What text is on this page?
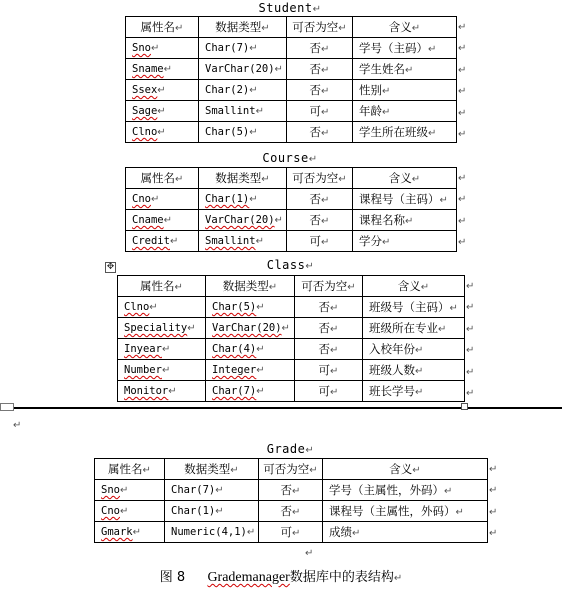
Student↵
属性名↵	数据类型↵	可否为空↵	含义↵
Sno↵	Char(7)↵	否↵	学号（主码）↵
Sname↵	VarChar(20)↵	否↵	学生姓名↵
Ssex↵	Char(2)↵	否↵	性别↵
Sage↵	Smallint↵	可↵	年龄↵
Clno↵	Char(5)↵	否↵	学生所在班级↵
Course↵
属性名↵	数据类型↵	可否为空↵	含义↵
Cno↵	Char(1)↵	否↵	课程号（主码）↵
Cname↵	VarChar(20)↵	否↵	课程名称↵
Credit↵	Smallint↵	可↵	学分↵
✥	Class↵
属性名↵	数据类型↵	可否为空↵	含义↵
Clno↵	Char(5)↵	否↵	班级号（主码）↵
Speciality↵	VarChar(20)↵	否↵	班级所在专业↵
Inyear↵	Char(4)↵	否↵	入校年份↵
Number↵	Integer↵	可↵	班级人数↵
Monitor↵	Char(7)↵	可↵	班长学号↵
↵
Grade↵
属性名↵	数据类型↵	可否为空↵	含义↵
Sno↵	Char(7)↵	否↵	学号（主属性，外码）↵
Cno↵	Char(1)↵	否↵	课程号（主属性，外码）↵
Gmark↵	Numeric(4,1)↵	可↵	成绩↵
↵
图 8 Grademanager数据库中的表结构↵
↵
↵
↵
↵
↵
↵
↵
↵
↵
↵
↵
↵
↵
↵
↵
↵
↵
↵
↵
↵
